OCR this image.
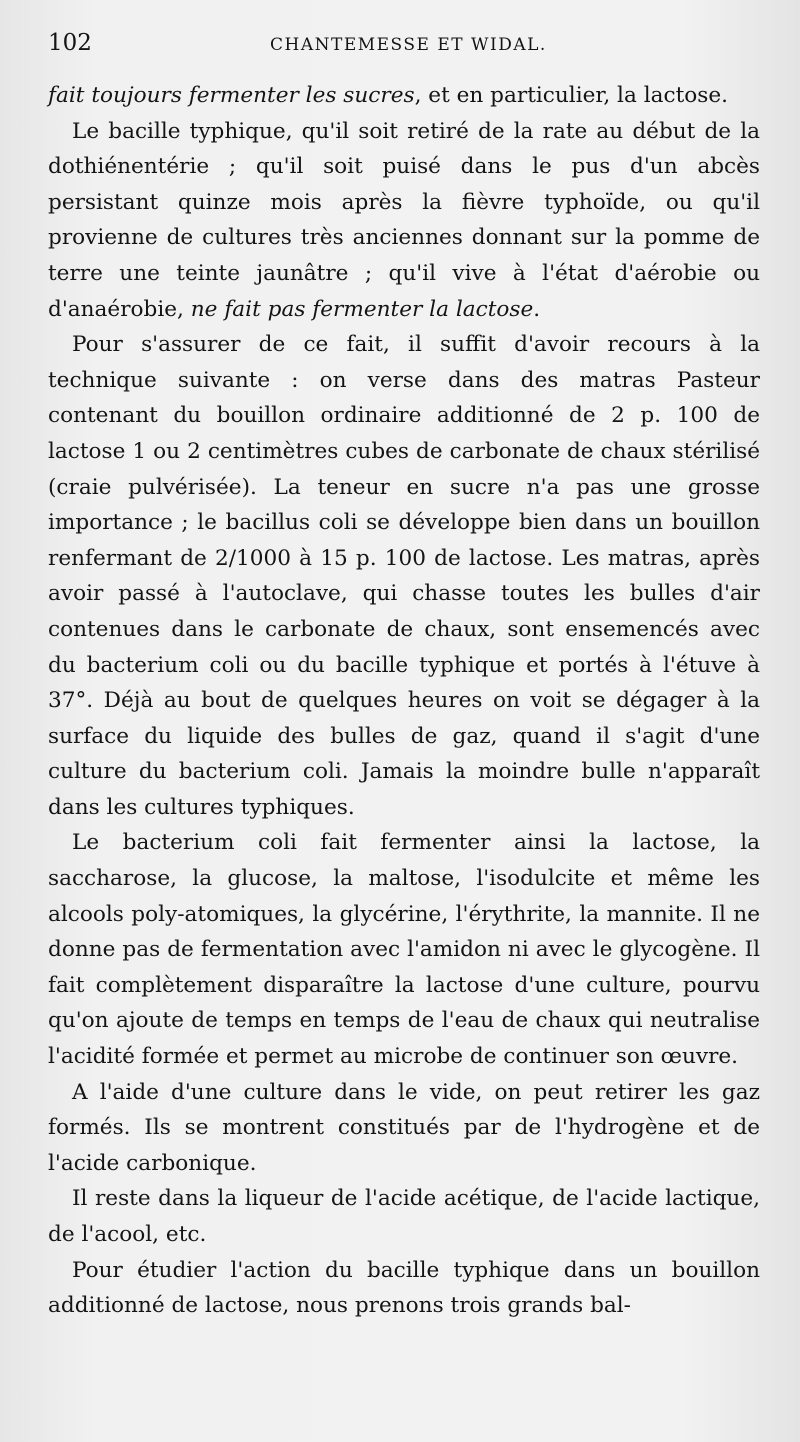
102	CHANTEMESSE ET WIDAL.

fait toujours fermenter les sucres, et en particulier, la lactose.

Le bacille typhique, qu'il soit retiré de la rate au début de la dothiénentérie ; qu'il soit puisé dans le pus d'un abcès persistant quinze mois après la fièvre typhoïde, ou qu'il provienne de cultures très anciennes donnant sur la pomme de terre une teinte jaunâtre ; qu'il vive à l'état d'aérobie ou d'anaérobie, ne fait pas fermenter la lactose.

Pour s'assurer de ce fait, il suffit d'avoir recours à la technique suivante : on verse dans des matras Pasteur contenant du bouillon ordinaire additionné de 2 p. 100 de lactose 1 ou 2 centimètres cubes de carbonate de chaux stérilisé (craie pulvérisée). La teneur en sucre n'a pas une grosse importance ; le bacillus coli se développe bien dans un bouillon renfermant de 2/1000 à 15 p. 100 de lactose. Les matras, après avoir passé à l'autoclave, qui chasse toutes les bulles d'air contenues dans le carbonate de chaux, sont ensemencés avec du bacterium coli ou du bacille typhique et portés à l'étuve à 37°. Déjà au bout de quelques heures on voit se dégager à la surface du liquide des bulles de gaz, quand il s'agit d'une culture du bacterium coli. Jamais la moindre bulle n'apparaît dans les cultures typhiques.

Le bacterium coli fait fermenter ainsi la lactose, la saccharose, la glucose, la maltose, l'isodulcite et même les alcools poly-atomiques, la glycérine, l'érythrite, la mannite. Il ne donne pas de fermentation avec l'amidon ni avec le glycogène. Il fait complètement disparaître la lactose d'une culture, pourvu qu'on ajoute de temps en temps de l'eau de chaux qui neutralise l'acidité formée et permet au microbe de continuer son œuvre.

A l'aide d'une culture dans le vide, on peut retirer les gaz formés. Ils se montrent constitués par de l'hydrogène et de l'acide carbonique.

Il reste dans la liqueur de l'acide acétique, de l'acide lactique, de l'acool, etc.

Pour étudier l'action du bacille typhique dans un bouillon additionné de lactose, nous prenons trois grands bal-
